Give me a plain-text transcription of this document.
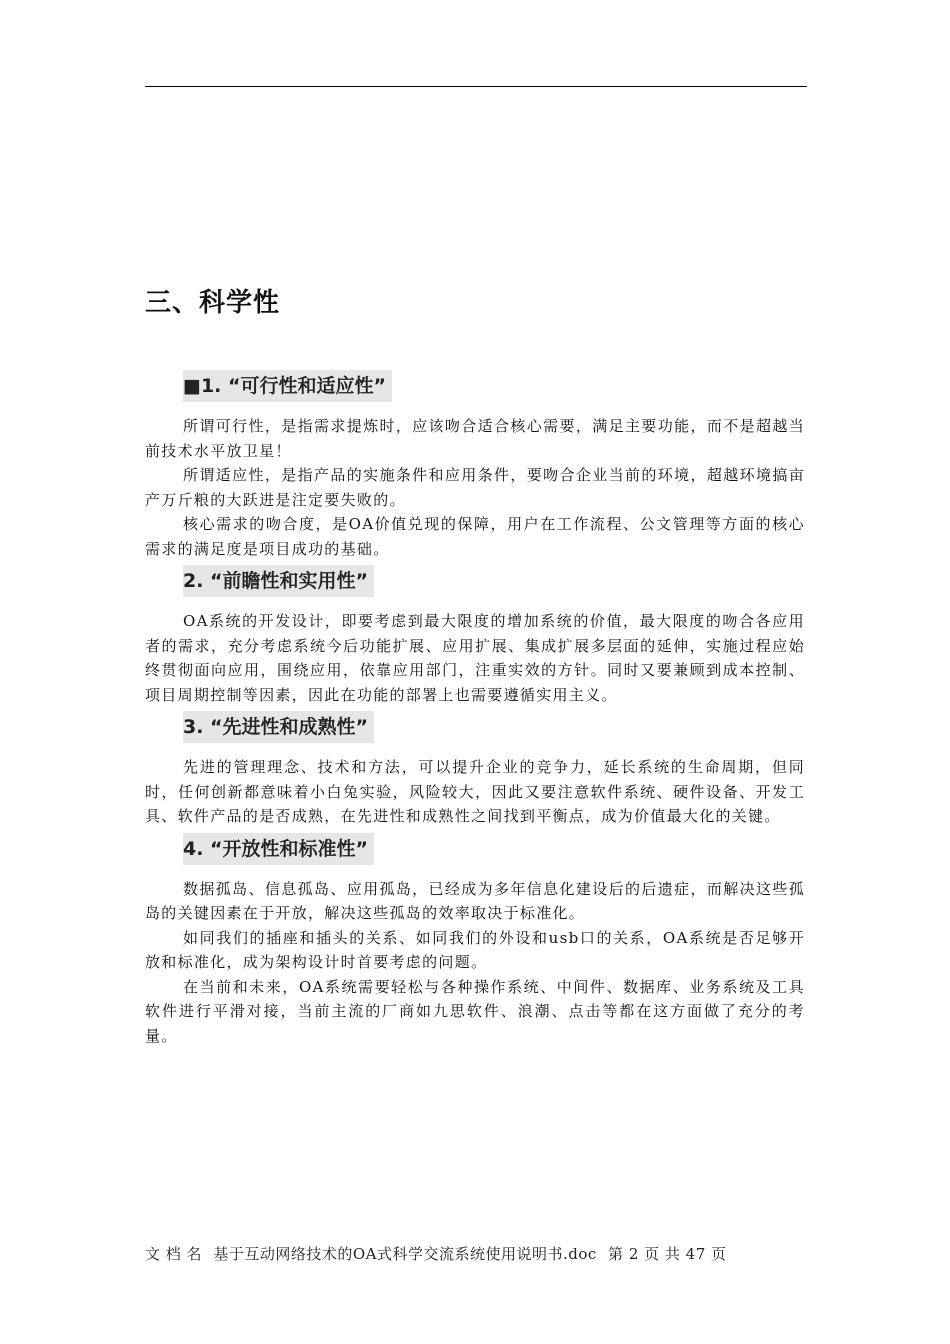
三、科学性
■1. “可行性和适应性”

所谓可行性，是指需求提炼时，应该吻合适合核心需要，满足主要功能，而不是超越当前技术水平放卫星！

所谓适应性，是指产品的实施条件和应用条件，要吻合企业当前的环境，超越环境搞亩产万斤粮的大跃进是注定要失败的。

核心需求的吻合度，是OA价值兑现的保障，用户在工作流程、公文管理等方面的核心需求的满足度是项目成功的基础。

2. “前瞻性和实用性”

OA系统的开发设计，即要考虑到最大限度的增加系统的价值，最大限度的吻合各应用者的需求，充分考虑系统今后功能扩展、应用扩展、集成扩展多层面的延伸，实施过程应始终贯彻面向应用，围绕应用，依靠应用部门，注重实效的方针。同时又要兼顾到成本控制、项目周期控制等因素，因此在功能的部署上也需要遵循实用主义。

3. “先进性和成熟性”

先进的管理理念、技术和方法，可以提升企业的竞争力，延长系统的生命周期，但同时，任何创新都意味着小白兔实验，风险较大，因此又要注意软件系统、硬件设备、开发工具、软件产品的是否成熟，在先进性和成熟性之间找到平衡点，成为价值最大化的关键。

4. “开放性和标准性”

数据孤岛、信息孤岛、应用孤岛，已经成为多年信息化建设后的后遗症，而解决这些孤岛的关键因素在于开放，解决这些孤岛的效率取决于标准化。

如同我们的插座和插头的关系、如同我们的外设和usb口的关系，OA系统是否足够开放和标准化，成为架构设计时首要考虑的问题。

在当前和未来，OA系统需要轻松与各种操作系统、中间件、数据库、业务系统及工具软件进行平滑对接，当前主流的厂商如九思软件、浪潮、点击等都在这方面做了充分的考量。

文 档 名 基于互动网络技术的OA式科学交流系统使用说明书.doc 第 2 页 共 47 页
